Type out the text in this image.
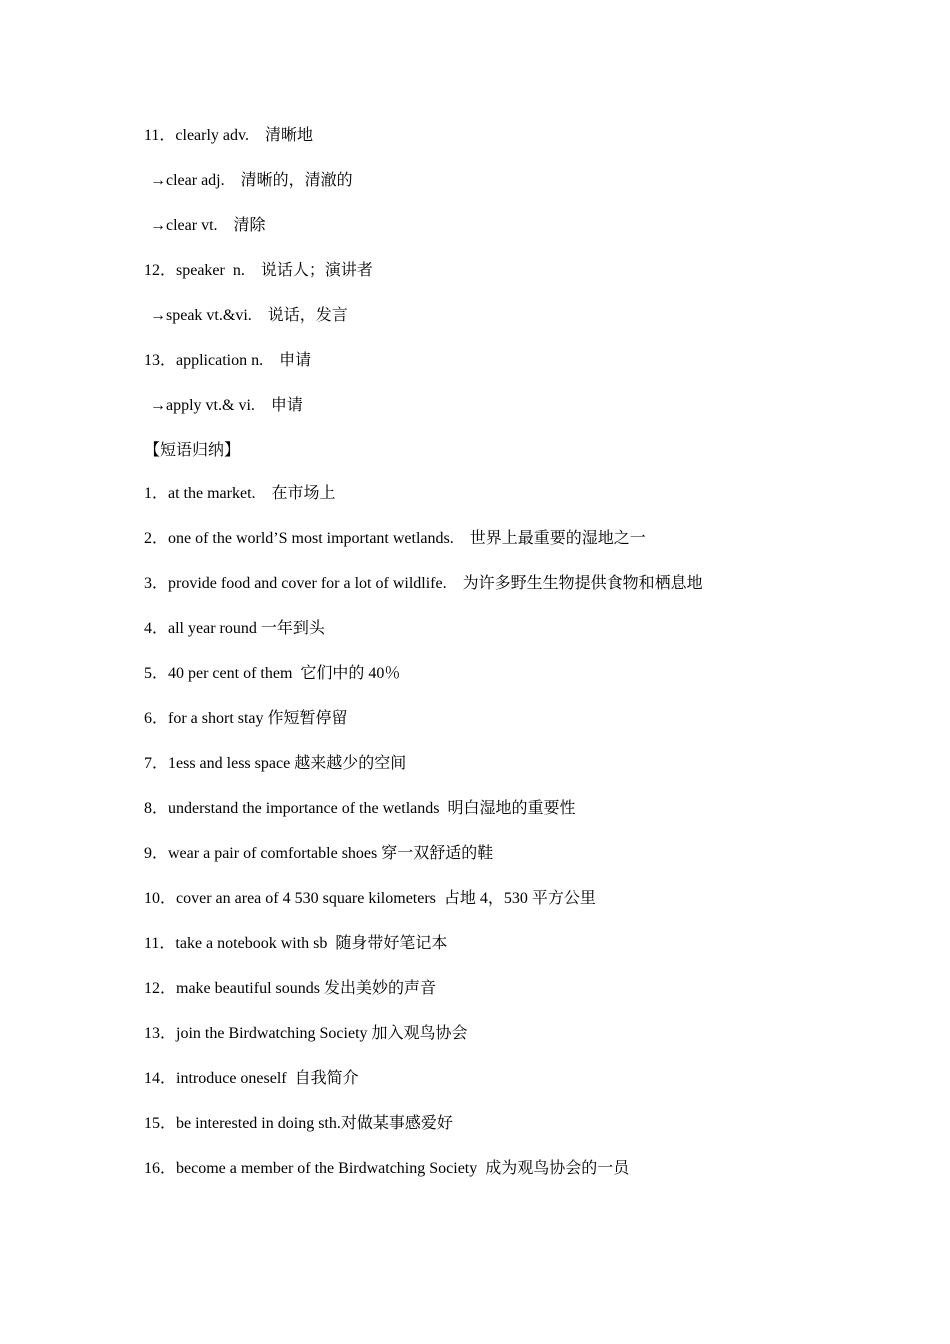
11．clearly adv.　清晰地
→clear adj.　清晰的，清澈的
→clear vt.　清除
12．speaker  n.　说话人；演讲者
→speak vt.&vi.　说话，发言
13．application n.　申请
→apply vt.& vi.　申请
【短语归纳】
1．at the market.　在市场上
2．one of the world’S most important wetlands.　世界上最重要的湿地之一
3．provide food and cover for a lot of wildlife.　为许多野生生物提供食物和栖息地
4．all year round 一年到头
5．40 per cent of them  它们中的 40％
6．for a short stay 作短暂停留
7．1ess and less space 越来越少的空间
8．understand the importance of the wetlands  明白湿地的重要性
9．wear a pair of comfortable shoes 穿一双舒适的鞋
10．cover an area of 4 530 square kilometers  占地 4，530 平方公里
11．take a notebook with sb  随身带好笔记本
12．make beautiful sounds 发出美妙的声音
13．join the Birdwatching Society 加入观鸟协会
14．introduce oneself  自我简介
15．be interested in doing sth.对做某事感爱好
16．become a member of the Birdwatching Society  成为观鸟协会的一员
